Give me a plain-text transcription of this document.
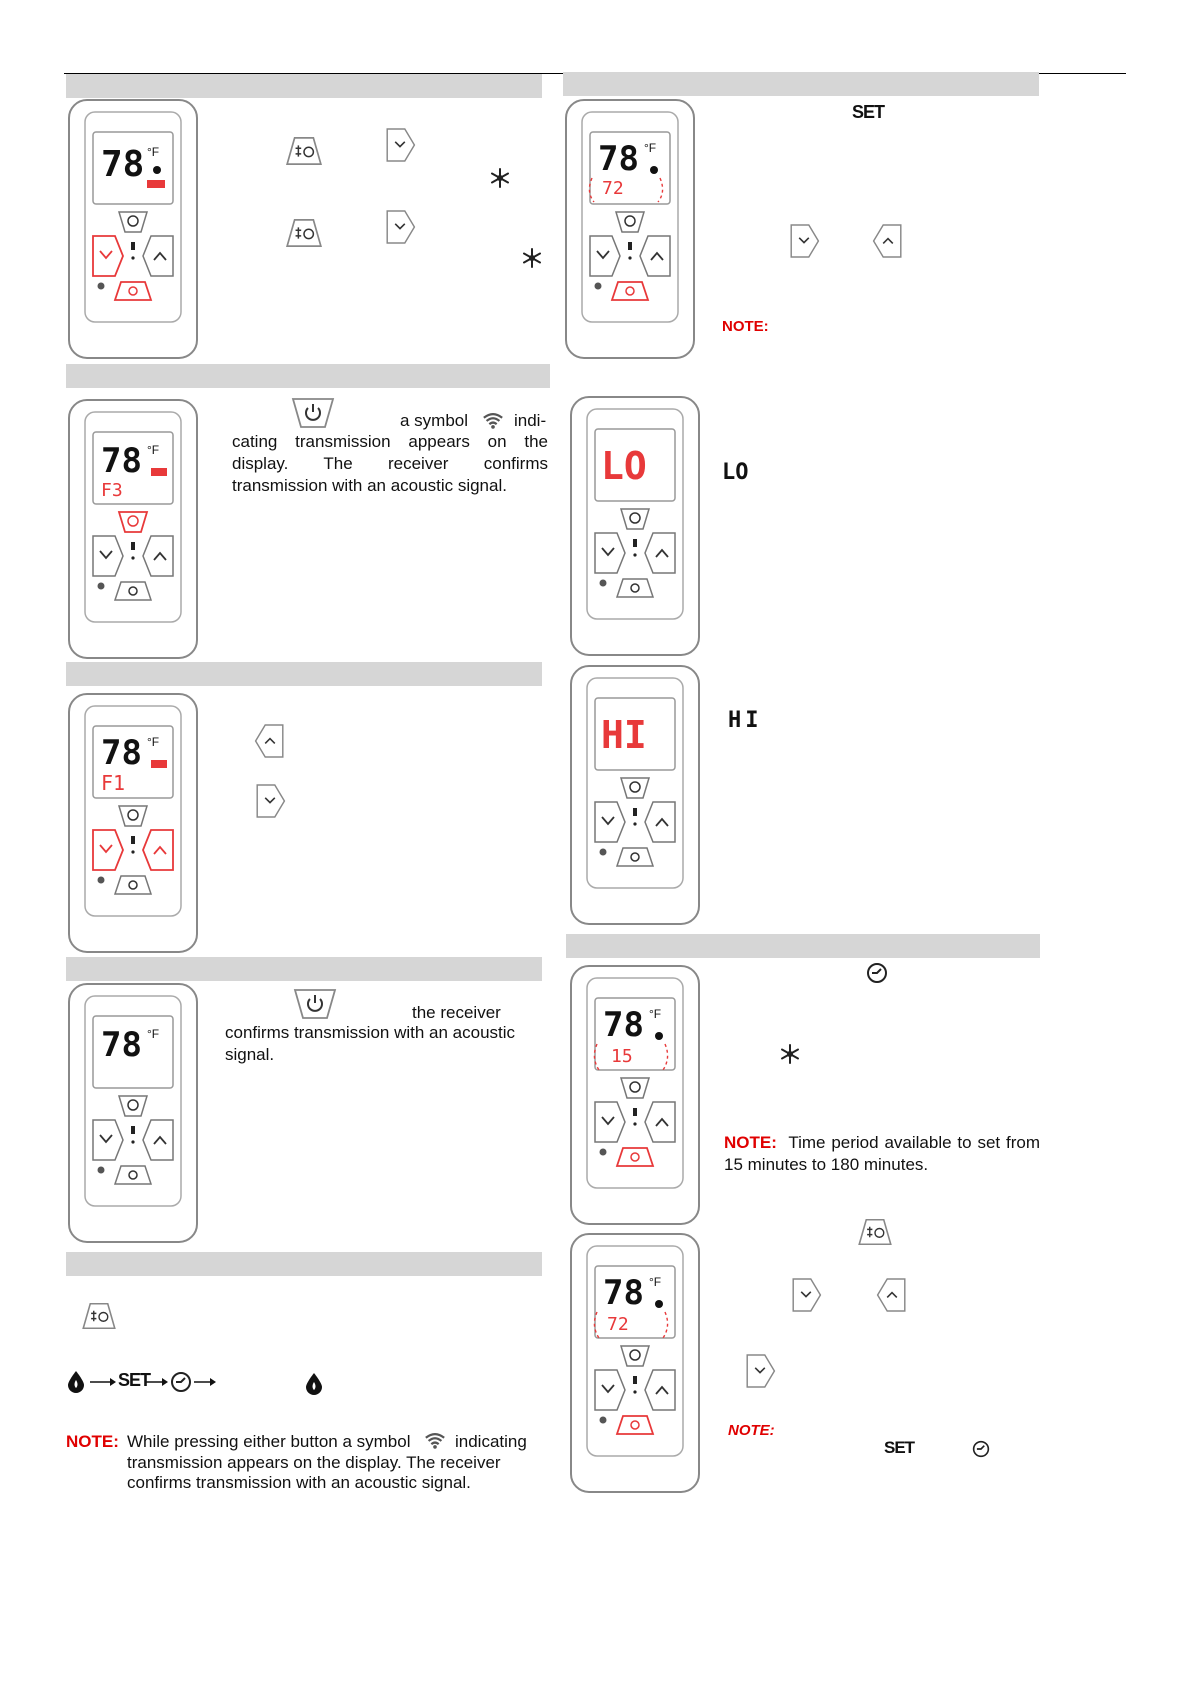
78 °F
78 °F
F3
a symbol	indi-
cating transmission appears on the display. The receiver confirms transmission with an acoustic signal.
78 °F
F1
78 °F
the receiver
confirms transmission with an acoustic signal.
SET
NOTE: While pressing either button a symbol	indicating
transmission appears on the display. The receiver
confirms transmission with an acoustic signal.
78 °F
72
SET
NOTE:
LO	LO
HI	HI
78 °F
15
NOTE: Time period available to set from 15 minutes to 180 minutes.
78 °F
72
NOTE:
SET
